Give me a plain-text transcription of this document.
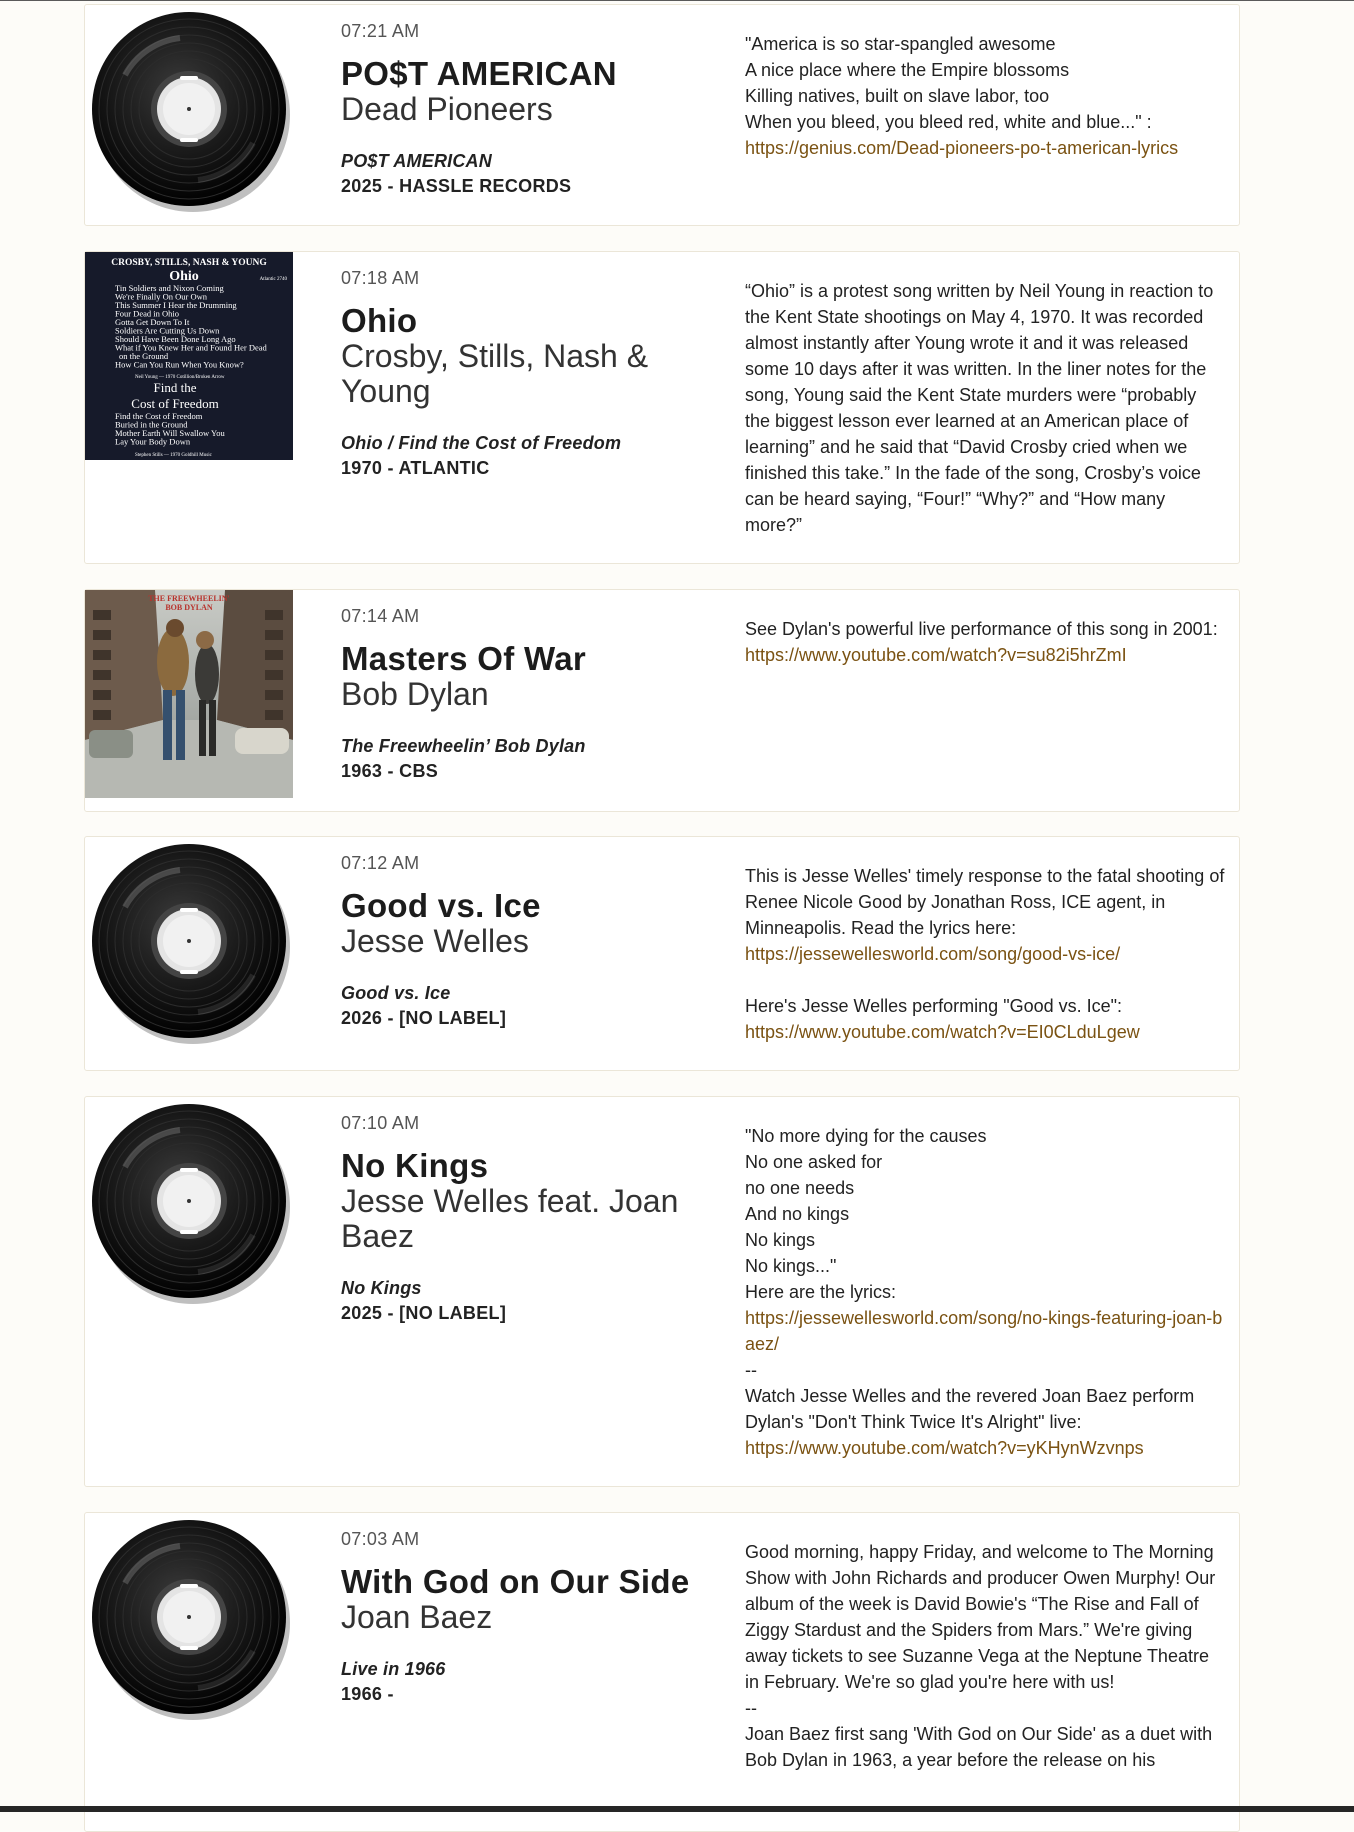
07:21 AM
PO$T AMERICAN
Dead Pioneers
PO$T AMERICAN
2025 - HASSLE RECORDS
"America is so star-spangled awesome
A nice place where the Empire blossoms
Killing natives, built on slave labor, too
When you bleed, you bleed red, white and blue..." :
https://genius.com/Dead-pioneers-po-t-american-lyrics
CROSBY, STILLS, NASH & YOUNG
Ohio	Atlantic 2740
Tin Soldiers and Nixon Coming
We're Finally On Our Own
This Summer I Hear the Drumming
Four Dead in Ohio
Gotta Get Down To It
Soldiers Are Cutting Us Down
Should Have Been Done Long Ago
What if You Knew Her and Found Her Dead
on the Ground
How Can You Run When You Know?
Neil Young — 1970 Cotillion/Broken Arrow
Find the
Cost of Freedom
Find the Cost of Freedom
Buried in the Ground
Mother Earth Will Swallow You
Lay Your Body Down
Stephen Stills — 1970 Goldhill Music
07:18 AM
Ohio
Crosby, Stills, Nash & Young
Ohio / Find the Cost of Freedom
1970 - ATLANTIC
“Ohio” is a protest song written by Neil Young in reaction to the Kent State shootings on May 4, 1970. It was recorded almost instantly after Young wrote it and it was released some 10 days after it was written. In the liner notes for the song, Young said the Kent State murders were “probably the biggest lesson ever learned at an American place of learning” and he said that “David Crosby cried when we finished this take.” In the fade of the song, Crosby’s voice can be heard saying, “Four!” “Why?” and “How many more?”
THE FREEWHEELIN'
BOB DYLAN	07:14 AM
Masters Of War
Bob Dylan
The Freewheelin’ Bob Dylan
1963 - CBS
See Dylan's powerful live performance of this song in 2001: https://www.youtube.com/watch?v=su82i5hrZmI
07:12 AM
Good vs. Ice
Jesse Welles
Good vs. Ice
2026 - [NO LABEL]
This is Jesse Welles' timely response to the fatal shooting of Renee Nicole Good by Jonathan Ross, ICE agent, in Minneapolis. Read the lyrics here:
https://jessewellesworld.com/song/good-vs-ice/
Here's Jesse Welles performing "Good vs. Ice":
https://www.youtube.com/watch?v=EI0CLduLgew
07:10 AM
No Kings
Jesse Welles feat. Joan Baez
No Kings
2025 - [NO LABEL]
"No more dying for the causes
No one asked for
no one needs
And no kings
No kings
No kings..."
Here are the lyrics:
https://jessewellesworld.com/song/no-kings-featuring-joan-baez/
--
Watch Jesse Welles and the revered Joan Baez perform Dylan's "Don't Think Twice It's Alright" live:
https://www.youtube.com/watch?v=yKHynWzvnps
07:03 AM
With God on Our Side
Joan Baez
Live in 1966
1966 -
Good morning, happy Friday, and welcome to The Morning Show with John Richards and producer Owen Murphy! Our album of the week is David Bowie's “The Rise and Fall of Ziggy Stardust and the Spiders from Mars.” We're giving away tickets to see Suzanne Vega at the Neptune Theatre in February. We're so glad you're here with us!
--
Joan Baez first sang 'With God on Our Side' as a duet with Bob Dylan in 1963, a year before the release on his
